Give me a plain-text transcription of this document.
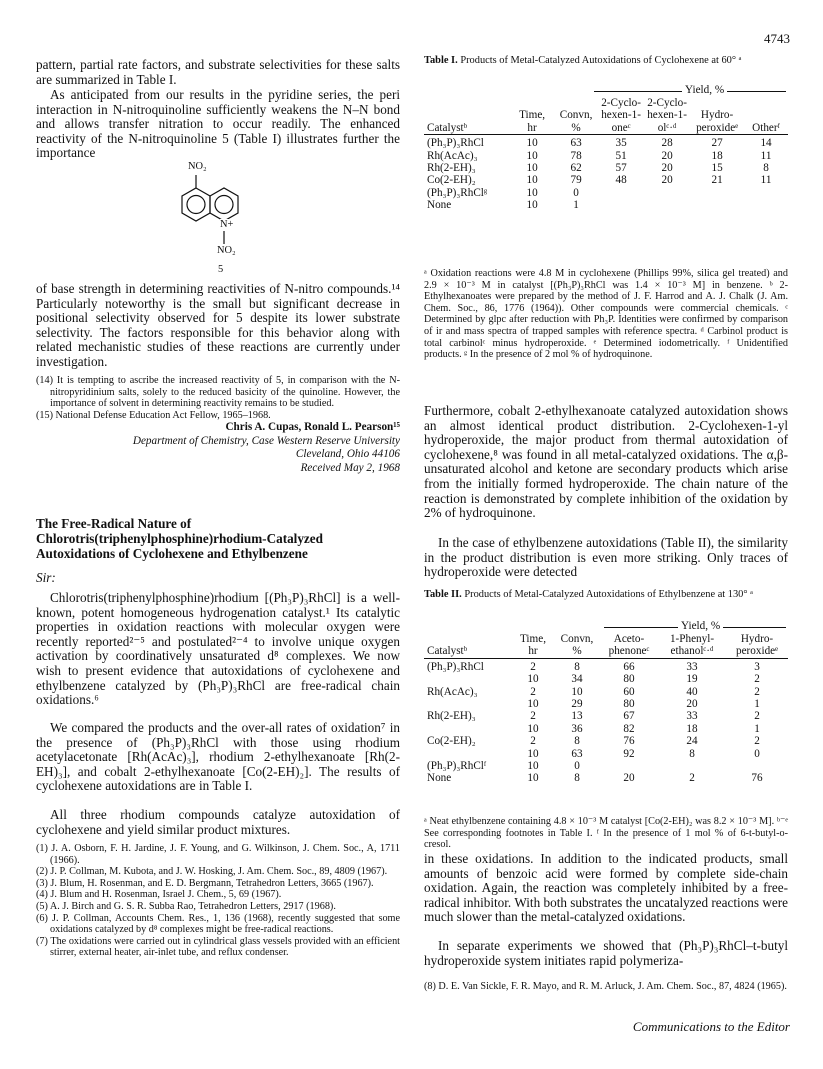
4743
pattern, partial rate factors, and substrate selectivities for these salts are summarized in Table I.
As anticipated from our results in the pyridine series, the peri interaction in N-nitroquinoline sufficiently weakens the N–N bond and allows transfer nitration to occur readily. The enhanced reactivity of the N-nitroquinoline 5 (Table I) illustrates further the importance
NO₂
N+
NO₂
5
of base strength in determining reactivities of N-nitro compounds.¹⁴ Particularly noteworthy is the small but significant decrease in positional selectivity observed for 5 despite its lower substrate selectivity. The factors responsible for this behavior along with related mechanistic studies of these reactions are currently under investigation.
(14) It is tempting to ascribe the increased reactivity of 5, in comparison with the N-nitropyridinium salts, solely to the reduced basicity of the quinoline. However, the importance of solvent in determining reactivity remains to be studied.
(15) National Defense Education Act Fellow, 1965–1968.
Chris A. Cupas, Ronald L. Pearson¹⁵
Department of Chemistry, Case Western Reserve University
Cleveland, Ohio 44106
Received May 2, 1968
The Free-Radical Nature of Chlorotris(triphenylphosphine)rhodium-Catalyzed Autoxidations of Cyclohexene and Ethylbenzene
Sir:
Chlorotris(triphenylphosphine)rhodium [(Ph₃P)₃RhCl] is a well-known, potent homogeneous hydrogenation catalyst.¹ Its catalytic properties in oxidation reactions with molecular oxygen were recently reported²⁻⁵ and postulated²⁻⁴ to involve unique oxygen activation by coordinatively unsaturated d⁸ complexes. We now wish to present evidence that autoxidations of cyclohexene and ethylbenzene catalyzed by (Ph₃P)₃RhCl are free-radical chain oxidations.⁶
We compared the products and the over-all rates of oxidation⁷ in the presence of (Ph₃P)₃RhCl with those using rhodium acetylacetonate [Rh(AcAc)₃], rhodium 2-ethylhexanoate [Rh(2-EH)₃], and cobalt 2-ethylhexanoate [Co(2-EH)₂]. The results of cyclohexene autoxidations are in Table I.
All three rhodium compounds catalyze autoxidation of cyclohexene and yield similar product mixtures.
(1) J. A. Osborn, F. H. Jardine, J. F. Young, and G. Wilkinson, J. Chem. Soc., A, 1711 (1966).
(2) J. P. Collman, M. Kubota, and J. W. Hosking, J. Am. Chem. Soc., 89, 4809 (1967).
(3) J. Blum, H. Rosenman, and E. D. Bergmann, Tetrahedron Letters, 3665 (1967).
(4) J. Blum and H. Rosenman, Israel J. Chem., 5, 69 (1967).
(5) A. J. Birch and G. S. R. Subba Rao, Tetrahedron Letters, 2917 (1968).
(6) J. P. Collman, Accounts Chem. Res., 1, 136 (1968), recently suggested that some oxidations catalyzed by d⁸ complexes might be free-radical reactions.
(7) The oxidations were carried out in cylindrical glass vessels provided with an efficient stirrer, external heater, air-inlet tube, and reflux condenser.
Table I. Products of Metal-Catalyzed Autoxidations of Cyclohexene at 60° ᵃ
Yield, %
Catalystᵇ	Time, hr	Convn, %	2-Cyclo-hexen-1-oneᶜ	2-Cyclo-hexen-1-olᶜ·ᵈ	Hydro-peroxideᵉ	Otherᶠ

(Ph₃P)₃RhCl	10	63	35	28	27	14
Rh(AcAc)₃	10	78	51	20	18	11
Rh(2-EH)₃	10	62	57	20	15	8
Co(2-EH)₂	10	79	48	20	21	11
(Ph₃P)₃RhClᵍ	10	0				
None	10	1				
ᵃ Oxidation reactions were 4.8 M in cyclohexene (Phillips 99%, silica gel treated) and 2.9 × 10⁻³ M in catalyst [(Ph₃P)₃RhCl was 1.4 × 10⁻³ M] in benzene. ᵇ 2-Ethylhexanoates were prepared by the method of J. F. Harrod and A. J. Chalk (J. Am. Chem. Soc., 86, 1776 (1964)). Other compounds were commercial chemicals. ᶜ Determined by glpc after reduction with Ph₃P. Identities were confirmed by comparison of ir and mass spectra of trapped samples with reference spectra. ᵈ Carbinol product is total carbinolᶜ minus hydroperoxide. ᵉ Determined iodometrically. ᶠ Unidentified products. ᵍ In the presence of 2 mol % of hydroquinone.
Furthermore, cobalt 2-ethylhexanoate catalyzed autoxidation shows an almost identical product distribution. 2-Cyclohexen-1-yl hydroperoxide, the major product from thermal autoxidation of cyclohexene,⁸ was found in all metal-catalyzed oxidations. The α,β-unsaturated alcohol and ketone are secondary products which arise from the initially formed hydroperoxide. The chain nature of the reaction is demonstrated by complete inhibition of the oxidation by 2% of hydroquinone.
In the case of ethylbenzene autoxidations (Table II), the similarity in the product distribution is even more striking. Only traces of hydroperoxide were detected
Table II. Products of Metal-Catalyzed Autoxidations of Ethylbenzene at 130° ᵃ
Yield, %
Catalystᵇ	Time, hr	Convn, %	Aceto-phenoneᶜ	1-Phenyl-ethanolᶜ·ᵈ	Hydro-peroxideᵉ

(Ph₃P)₃RhCl	2	8	66	33	3
	10	34	80	19	2
Rh(AcAc)₃	2	10	60	40	2
	10	29	80	20	1
Rh(2-EH)₃	2	13	67	33	2
	10	36	82	18	1
Co(2-EH)₂	2	8	76	24	2
	10	63	92	8	0
(Ph₃P)₃RhClᶠ	10	0			
None	10	8	20	2	76
ᵃ Neat ethylbenzene containing 4.8 × 10⁻³ M catalyst [Co(2-EH)₂ was 8.2 × 10⁻³ M]. ᵇ⁻ᵉ See corresponding footnotes in Table I. ᶠ In the presence of 1 mol % of 6-t-butyl-o-cresol.
in these oxidations. In addition to the indicated products, small amounts of benzoic acid were formed by complete side-chain oxidation. Again, the reaction was completely inhibited by a free-radical inhibitor. With both substrates the uncatalyzed reactions were much slower than the metal-catalyzed oxidations.
In separate experiments we showed that (Ph₃P)₃RhCl–t-butyl hydroperoxide system initiates rapid polymeriza-
(8) D. E. Van Sickle, F. R. Mayo, and R. M. Arluck, J. Am. Chem. Soc., 87, 4824 (1965).
Communications to the Editor
